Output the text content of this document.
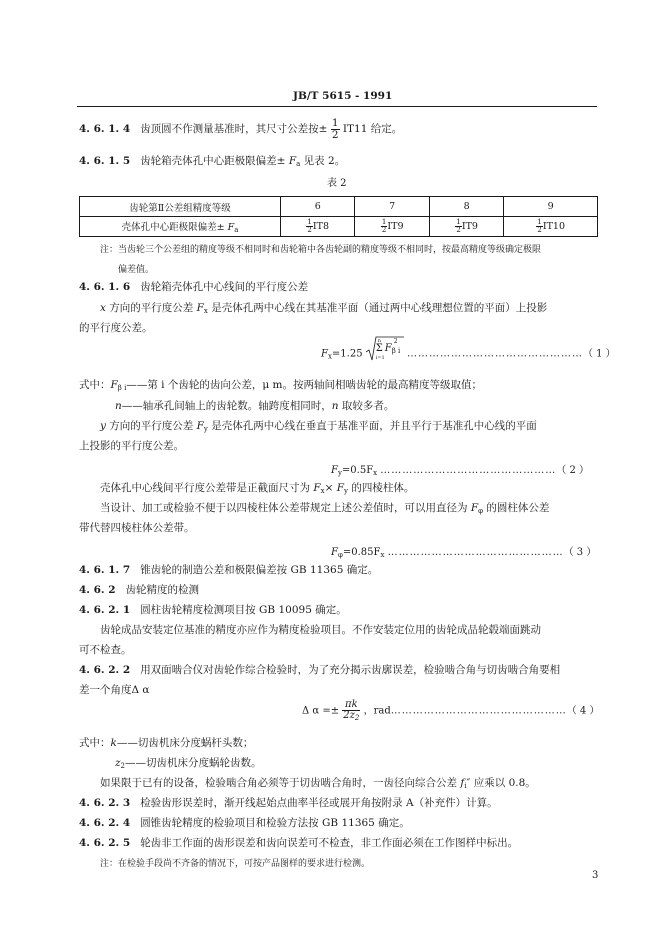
JB/T 5615 - 1991
4. 6. 1. 4 齿顶圆不作测量基准时，其尺寸公差按± $\frac{1}{2} IT11$ 给定。
4. 6. 1. 5 齿轮箱壳体孔中心距极限偏差± $F_a$ 见表 2。
表 2
齿轮第Ⅱ公差组精度等级	6	7	8	9
壳体孔中心距极限偏差± $F_a$	$\frac{1}{2} IT8$	$\frac{1}{2} IT9$	$\frac{1}{2} IT9$	$\frac{1}{2} IT10$
注：当齿轮三个公差组的精度等级不相同时和齿轮箱中各齿轮副的精度等级不相同时，按最高精度等级确定极限
偏差值。
4. 6. 1. 6 齿轮箱壳体孔中心线间的平行度公差
x 方向的平行度公差 $F_x$ 是壳体孔两中心线在其基准平面（通过两中心线理想位置的平面）上投影
的平行度公差。
$F_x=1.25$
n
Σ
i=1
$F_{\beta i}$
2
…………………………………………（ 1 ）
式中：$F_{\beta i}——$第 i 个齿轮的齿向公差，μ m。按两轴间相啮齿轮的最高精度等级取值；
n——轴承孔间轴上的齿轮数。轴跨度相同时，n 取较多者。
y 方向的平行度公差 $F_y$ 是壳体孔两中心线在垂直于基准平面，并且平行于基准孔中心线的平面
上投影的平行度公差。
$F_y=0.5F_x$ …………………………………………（ 2 ）
壳体孔中心线间平行度公差带是正截面尺寸为 $F_x\times F_y$ 的四棱柱体。
当设计、加工或检验不便于以四棱柱体公差带规定上述公差值时，可以用直径为 $F_\varphi$ 的圆柱体公差
带代替四棱柱体公差带。
$F_\varphi=0.85F_x$ …………………………………………（ 3 ）
4. 6. 1. 7 锥齿轮的制造公差和极限偏差按 GB 11365 确定。
4. 6. 2 齿轮精度的检测
4. 6. 2. 1 圆柱齿轮精度检测项目按 GB 10095 确定。
齿轮成品安装定位基准的精度亦应作为精度检验项目。不作安装定位用的齿轮成品轮毂端面跳动
可不检查。
4. 6. 2. 2 用双面啮合仪对齿轮作综合检验时，为了充分揭示齿廓误差，检验啮合角与切齿啮合角要相
差一个角度Δ α
Δ $\alpha =\pm \frac{\pi k}{2z_2}$ ，rad…………………………………………（ 4 ）
式中：k——切齿机床分度蜗杆头数；
$z_2——$切齿机床分度蜗轮齿数。
如果限于已有的设备，检验啮合角必须等于切齿啮合角时，一齿径向综合公差 $f_i''$ 应乘以 0.8。
4. 6. 2. 3 检验齿形误差时，渐开线起始点曲率半径或展开角按附录 A（补充件）计算。
4. 6. 2. 4 圆锥齿轮精度的检验项目和检验方法按 GB 11365 确定。
4. 6. 2. 5 轮齿非工作面的齿形误差和齿向误差可不检查，非工作面必须在工作图样中标出。
注：在检验手段尚不齐备的情况下，可按产品图样的要求进行检测。
3
